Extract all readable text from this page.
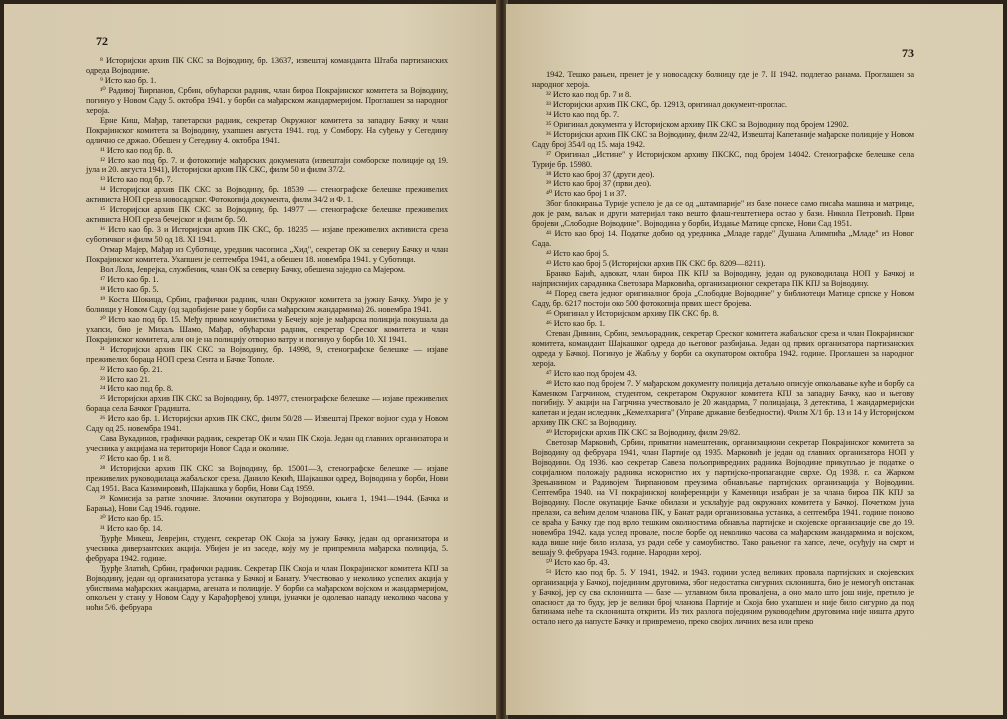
72

⁸ Историјски архив ПК СКС за Војводину, бр. 13637, извештај команданта Штаба партизанских одреда Војводине.

⁹ Исто као бр. 1.

¹⁰ Радивој Ћирпанов, Србин, обућарски радник, члан бироа Покрајинског комитета за Војводину, погинуо у Новом Саду 5. октобра 1941. у борби са мађарском жандармеријом. Проглашен за народног хероја.

Ерне Киш, Мађар, тапетарски радник, секретар Окружног комитета за западну Бачку и члан Покрајинског комитета за Војводину, ухапшен августа 1941. год. у Сомбору. На суђењу у Сегедину одлично се држао. Обешен у Сегедину 4. октобра 1941.

¹¹ Исто као под бр. 8.

¹² Исто као под бр. 7. и фотокопије мађарских докумената (извештаји сомборске полиције од 19. јула и 20. августа 1941), Историјски архив ПК СКС, филм 50 и филм 37/2.

¹³ Исто као под бр. 7.

¹⁴ Историјски архив ПК СКС за Војводину, бр. 18539 — стенографске белешке преживелих активиста НОП среза новосадског. Фотокопија документа, филм 34/2 и Ф. 1.

¹⁵ Историјски архив ПК СКС за Војводину, бр. 14977 — стенографске белешке преживелих активиста НОП среза бечејског и филм бр. 50.

¹⁶ Исто као бр. 3 и Историјски архив ПК СКС, бр. 18235 — изјаве преживелих активиста среза суботичког и филм 50 од 18. XI 1941.

Отмар Мајер, Мађар из Суботице, уредник часописа „Хид", секретар ОК за северну Бачку и члан Покрајинског комитета. Ухапшен је септембра 1941, а обешен 18. новембра 1941. у Суботици.

Вол Лола, Јеврејка, службеник, члан ОК за северну Бачку, обешена заједно са Мајером.

¹⁷ Исто као бр. 1.

¹⁸ Исто као бр. 5.

¹⁹ Коста Шокица, Србин, графички радник, члан Окружног комитета за јужну Бачку. Умро је у болници у Новом Саду (од задобијене ране у борби са мађарским жандармима) 26. новембра 1941.

²⁰ Исто као под бр. 15. Међу првим комунистима у Бечеју које је мађарска полиција покушала да ухапси, био је Михаљ Шамо, Мађар, обућарски радник, секретар Среског комитета и члан Покрајинског комитета, али он је на полицију отворио ватру и погинуо у борби 10. XI 1941.

²¹ Историјски архив ПК СКС за Војводину, бр. 14998, 9, стенографске белешке — изјаве преживелих бораца НОП среза Сента и Бачке Тополе.

²² Исто као бр. 21.

²³ Исто као 21.

²⁴ Исто као под бр. 8.

²⁵ Историјски архив ПК СКС за Војводину, бр. 14977, стенографске белешке — изјаве преживелих бораца села Бачког Градишта.

²⁶ Исто као бр. 1. Историјски архив ПК СКС, филм 50/28 — Извештај Преког војног суда у Новом Саду од 25. новембра 1941.

Сава Вукадинов, графички радник, секретар ОК и члан ПК Скоја. Један од главних организатора и учесника у акцијама на територији Новог Сада и околине.

²⁷ Исто као бр. 1 и 8.

²⁸ Историјски архив ПК СКС за Војводину, бр. 15001—3, стенографске белешке — изјаве преживелих руководилаца жабаљског среза. Данило Кекић, Шајкашки одред, Војводина у борби, Нови Сад 1951. Васа Казимировић, Шајкашка у борби, Нови Сад 1959.

²⁹ Комисија за ратне злочине. Злочини окупатора у Војводини, књига 1, 1941—1944. (Бачка и Барања), Нови Сад 1946. године.

³⁰ Исто као бр. 15.

³¹ Исто као бр. 14.

Ђурђе Микеш, Јеврејин, студент, секретар ОК Скоја за јужну Бачку, један од организатора и учесника диверзантских акција. Убијен је из заседе, коју му је припремила мађарска полиција, 5. фебруара 1942. године.

Ђурђе Златић, Србин, графички радник. Секретар ПК Скоја и члан Покрајинског комитета КПЈ за Војводину, један од организатора устанка у Бачкој и Банату. Учествовао у неколико успелих акција у убиствима мађарских жандарма, агената и полиције. У борби са мађарском војском и жандармеријом, опкољен у стану у Новом Саду у Карађорђевој улици, јуначки је одолевао нападу неколико часова у ноћи 5/6. фебруара

73

1942. Тешко рањен, пренет је у новосадску болницу где је 7. II 1942. подлегао ранама. Проглашен за народног хероја.

³² Исто као под бр. 7 и 8.

³³ Историјски архив ПК СКС, бр. 12913, оригинал документ-проглас.

³⁴ Исто као под бр. 7.

³⁵ Оригинал документа у Историјском архиву ПК СКС за Војводину под бројем 12902.

³⁶ Историјски архив ПК СКС за Војводину, филм 22/42, Извештај Капетаније мађарске полиције у Новом Саду број 354/I од 15. маја 1942.

³⁷ Оригинал „Истине" у Историјском архиву ПКСКС, под бројем 14042. Стенографске белешке села Турије бр. 15980.

³⁸ Исто као број 37 (други део).

³⁹ Исто као број 37 (први део).

⁴⁰ Исто као број 1 и 37.

Због блокирања Турије успело је да се од „штампарије" из базе понесе само писаћа машина и матрице, док је рам, ваљак и други материјал тако вешто флаш-гештетнера остао у бази. Никола Петровић. Први бројеви „Слободне Војводине". Војводина у борби, Издање Матице српске, Нови Сад 1951.

⁴¹ Исто као број 14. Податке добио од уредника „Младе гарде" Душана Алимпића „Младе" из Новог Сада.

⁴² Исто као број 5.

⁴³ Исто као број 5 (Историјски архив ПК СКС бр. 8209—8211).

Бранко Бајић, адвокат, члан бироа ПК КПЈ за Војводину, један од руководилаца НОП у Бачкој и најприснијих сарадника Светозара Марковића, организационог секретара ПК КПЈ за Војводину.

⁴⁴ Поред света једног оригиналног броја „Слободне Војводине" у библиотеци Матице српске у Новом Саду, бр. 6217 постоји око 500 фотокопија првих шест бројева.

⁴⁵ Оригинал у Историјском архиву ПК СКС бр. 8.

⁴⁶ Исто као бр. 1.

Стеван Дивнин, Србин, земљорадник, секретар Среског комитета жабаљског среза и члан Покрајинског комитета, командант Шајкашког одреда до његовог разбијања. Један од првих организатора партизанских одреда у Бачкој. Погинуо је Жабљу у борби са окупатором октобра 1942. године. Проглашен за народног хероја.

⁴⁷ Исто као под бројем 43.

⁴⁸ Исто као под бројем 7. У мађарском документу полиција детаљно описује опкољавање куће и борбу са Каменком Гагрчином, студентом, секретаром Окружног комитета КПЈ за западну Бачку, као и његову погибију. У акцији на Гагрчина учествовало је 20 жандарма, 7 полицајаца, 3 детектива, 1 жандармеријски капетан и један иследник „Кемелхарига" (Управе државне безбедности). Филм X/1 бр. 13 и 14 у Историјском архиву ПК СКС за Војводину.

⁴⁹ Историјски архив ПК СКС за Војводину, филм 29/82.

Светозар Марковић, Србин, приватни намештеник, организациони секретар Покрајинског комитета за Војводину од фебруара 1941, члан Партије од 1935. Марковић је један од главних организатора НОП у Војводини. Од 1936. као секретар Савеза пољопривредних радника Војводине прикупљао је податке о социјалном положају радника искористио их у партијско-пропагандне сврхе. Од 1938. г. са Жарком Зрењанином и Радивојем Ћирпановом преузима обнављање партијских организација у Војводини. Септембра 1940. на VI покрајинској конференцији у Каменици изабран је за члана бироа ПК КПЈ за Војводину. После окупације Бачке обилази и усклађује рад окружних комитета у Бачкој. Почетком јуна прелази, са већим делом чланова ПК, у Банат ради организовања устанка, а септембра 1941. године поново се враћа у Бачку где под врло тешким околностима обнавља партијске и скојевске организације све до 19. новембра 1942. када услед провале, после борбе од неколико часова са мађарским жандармима и војском, када више није било излаза, уз ради себе у самоубиство. Тако рањеног га хапсе, лече, осуђују на смрт и вешају 9. фебруара 1943. године. Народни херој.

⁵⁰ Исто као бр. 43.

⁵¹ Исто као под бр. 5. У 1941, 1942. и 1943. години услед великих провала партијских и скојевских организација у Бачкој, појединим друговима, због недостатка сигурних склоништа, био је немогућ опстанак у Бачкој, јер су сва склоништа — базе — углавном била провалјена, а оно мало што још није, претило је опасност да то буду, јер је велики број чланова Партије и Скоја био ухапшен и није било сигурно да под батинама неће та склоништа открити. Из тих разлога појединим руководећим друговима није ништа друго остало него да напусте Бачку и привремено, преко својих личних веза или преко
